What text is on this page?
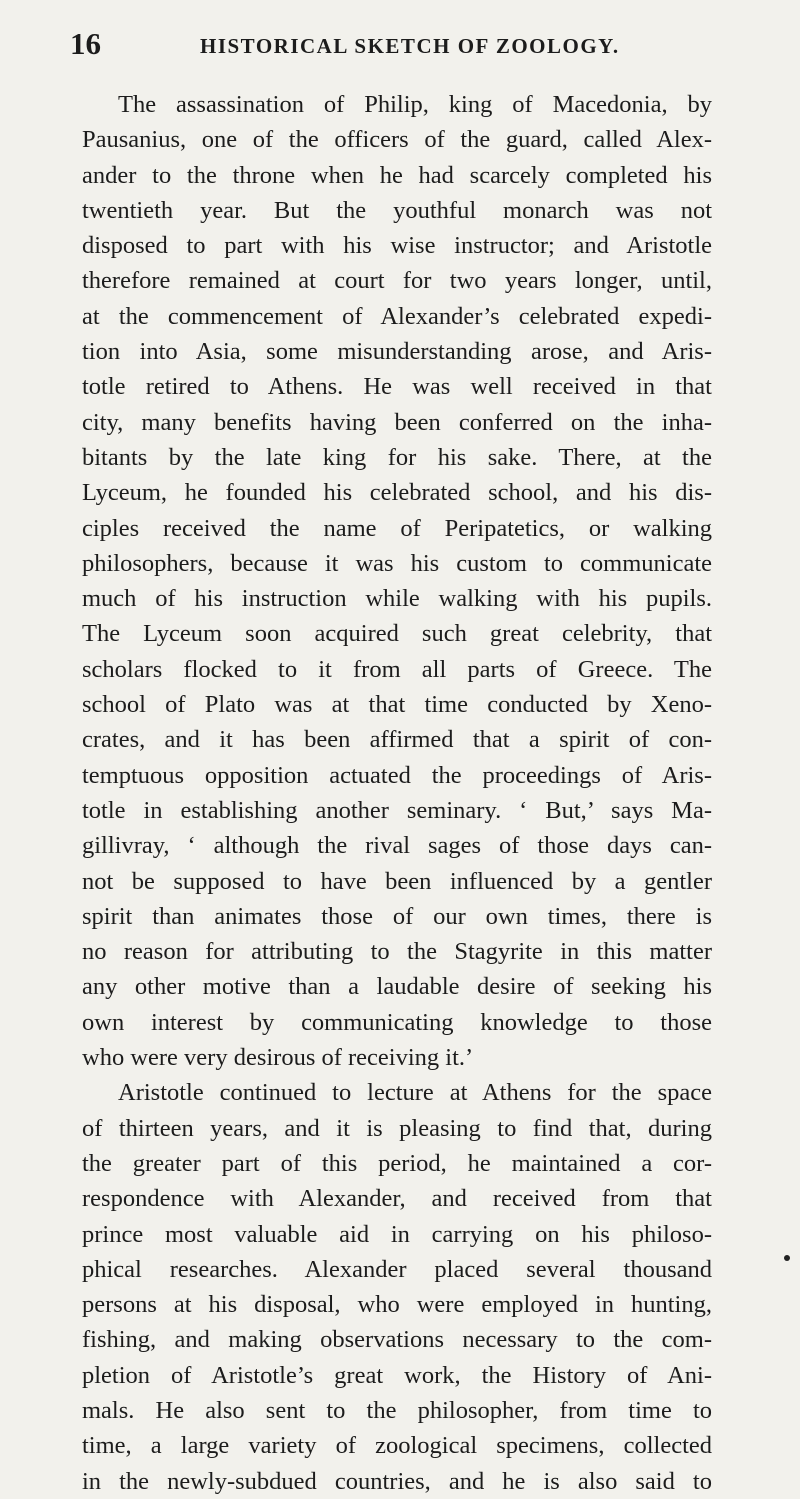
16	HISTORICAL SKETCH OF ZOOLOGY.
The assassination of Philip, king of Macedonia, by
Pausanius, one of the officers of the guard, called Alex-
ander to the throne when he had scarcely completed his
twentieth year. But the youthful monarch was not
disposed to part with his wise instructor; and Aristotle
therefore remained at court for two years longer, until,
at the commencement of Alexander’s celebrated expedi-
tion into Asia, some misunderstanding arose, and Aris-
totle retired to Athens. He was well received in that
city, many benefits having been conferred on the inha-
bitants by the late king for his sake. There, at the
Lyceum, he founded his celebrated school, and his dis-
ciples received the name of Peripatetics, or walking
philosophers, because it was his custom to communicate
much of his instruction while walking with his pupils.
The Lyceum soon acquired such great celebrity, that
scholars flocked to it from all parts of Greece. The
school of Plato was at that time conducted by Xeno-
crates, and it has been affirmed that a spirit of con-
temptuous opposition actuated the proceedings of Aris-
totle in establishing another seminary. ‘ But,’ says Ma-
gillivray, ‘ although the rival sages of those days can-
not be supposed to have been influenced by a gentler
spirit than animates those of our own times, there is
no reason for attributing to the Stagyrite in this matter
any other motive than a laudable desire of seeking his
own interest by communicating knowledge to those
who were very desirous of receiving it.’
Aristotle continued to lecture at Athens for the space
of thirteen years, and it is pleasing to find that, during
the greater part of this period, he maintained a cor-
respondence with Alexander, and received from that
prince most valuable aid in carrying on his philoso-
phical researches. Alexander placed several thousand
persons at his disposal, who were employed in hunting,
fishing, and making observations necessary to the com-
pletion of Aristotle’s great work, the History of Ani-
mals. He also sent to the philosopher, from time to
time, a large variety of zoological specimens, collected
in the newly-subdued countries, and he is also said to
